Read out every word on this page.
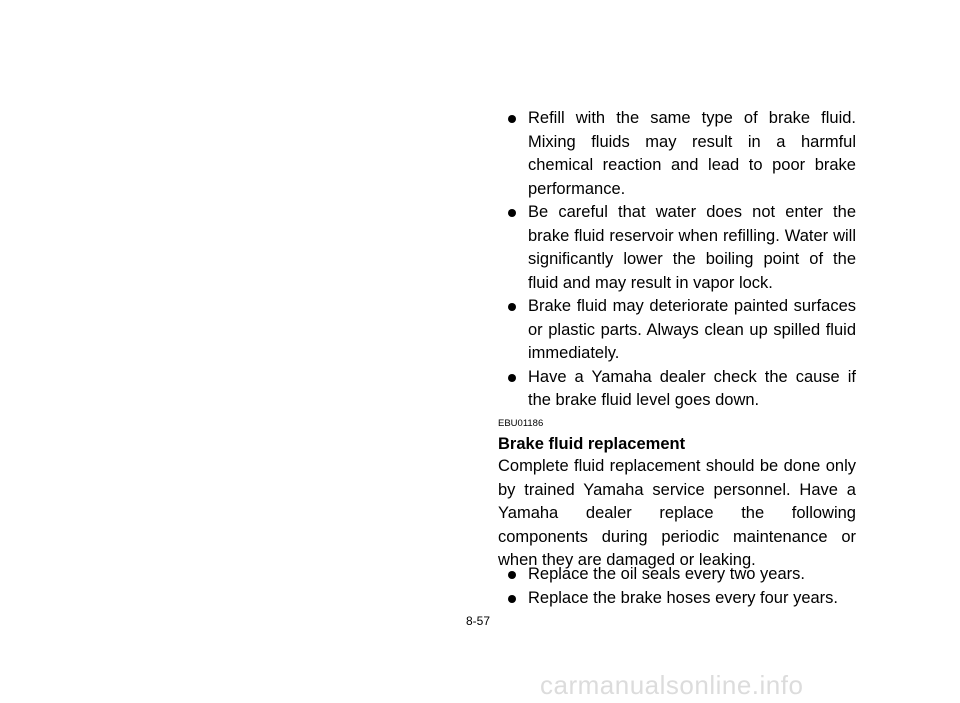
Refill with the same type of brake fluid. Mixing fluids may result in a harmful chemical reaction and lead to poor brake performance.
Be careful that water does not enter the brake fluid reservoir when refilling. Water will significantly lower the boiling point of the fluid and may result in vapor lock.
Brake fluid may deteriorate painted surfaces or plastic parts. Always clean up spilled fluid immediately.
Have a Yamaha dealer check the cause if the brake fluid level goes down.
EBU01186
Brake fluid replacement
Complete fluid replacement should be done only by trained Yamaha service personnel. Have a Yamaha dealer replace the following components during periodic maintenance or when they are damaged or leaking.
Replace the oil seals every two years.
Replace the brake hoses every four years.
8-57
carmanualsonline.info
